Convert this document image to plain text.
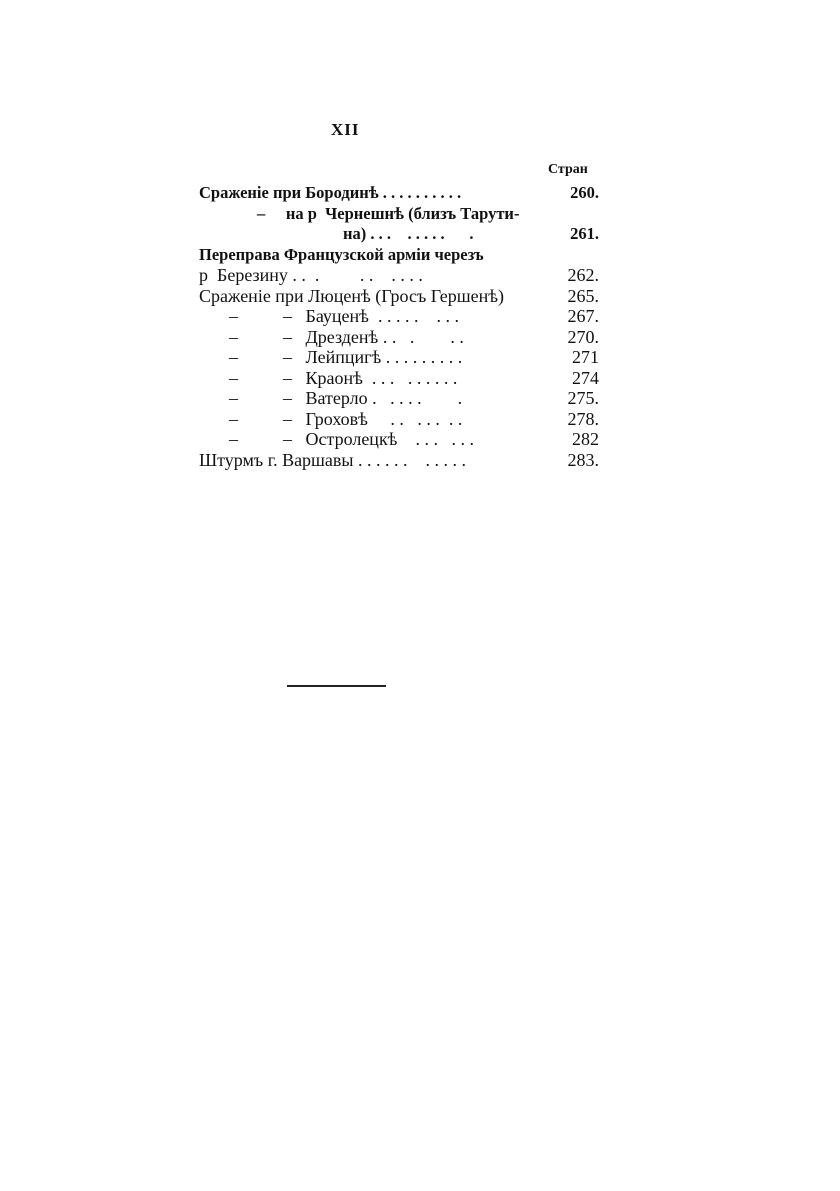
XII
Стран
Сраженіе при Бородинѣ . . . . . . . . . .	260.
–     на р  Чернешнѣ (близъ Тарути-
на) . . .    . . . . .      .	261.
Переправа Французской арміи черезъ
р  Березину . .  .         . .    . . . .	262.
Сраженіе при Люценѣ (Гросъ Гершенѣ)	265.
–          –   Бауценѣ  . . . . .    . . .	267.
–          –   Дрезденѣ . .   .        . .	270.
–          –   Лейпцигѣ . . . . . . . . .	271
–          –   Краонѣ  . . .   . . . . . .	274
–          –   Ватерло .   . . . .        .	275.
–          –   Гроховѣ     . .   . . .  . .	278.
–          –   Остролецкѣ    . . .   . . .	282
Штурмъ г. Варшавы . . . . . .    . . . . .	283.
